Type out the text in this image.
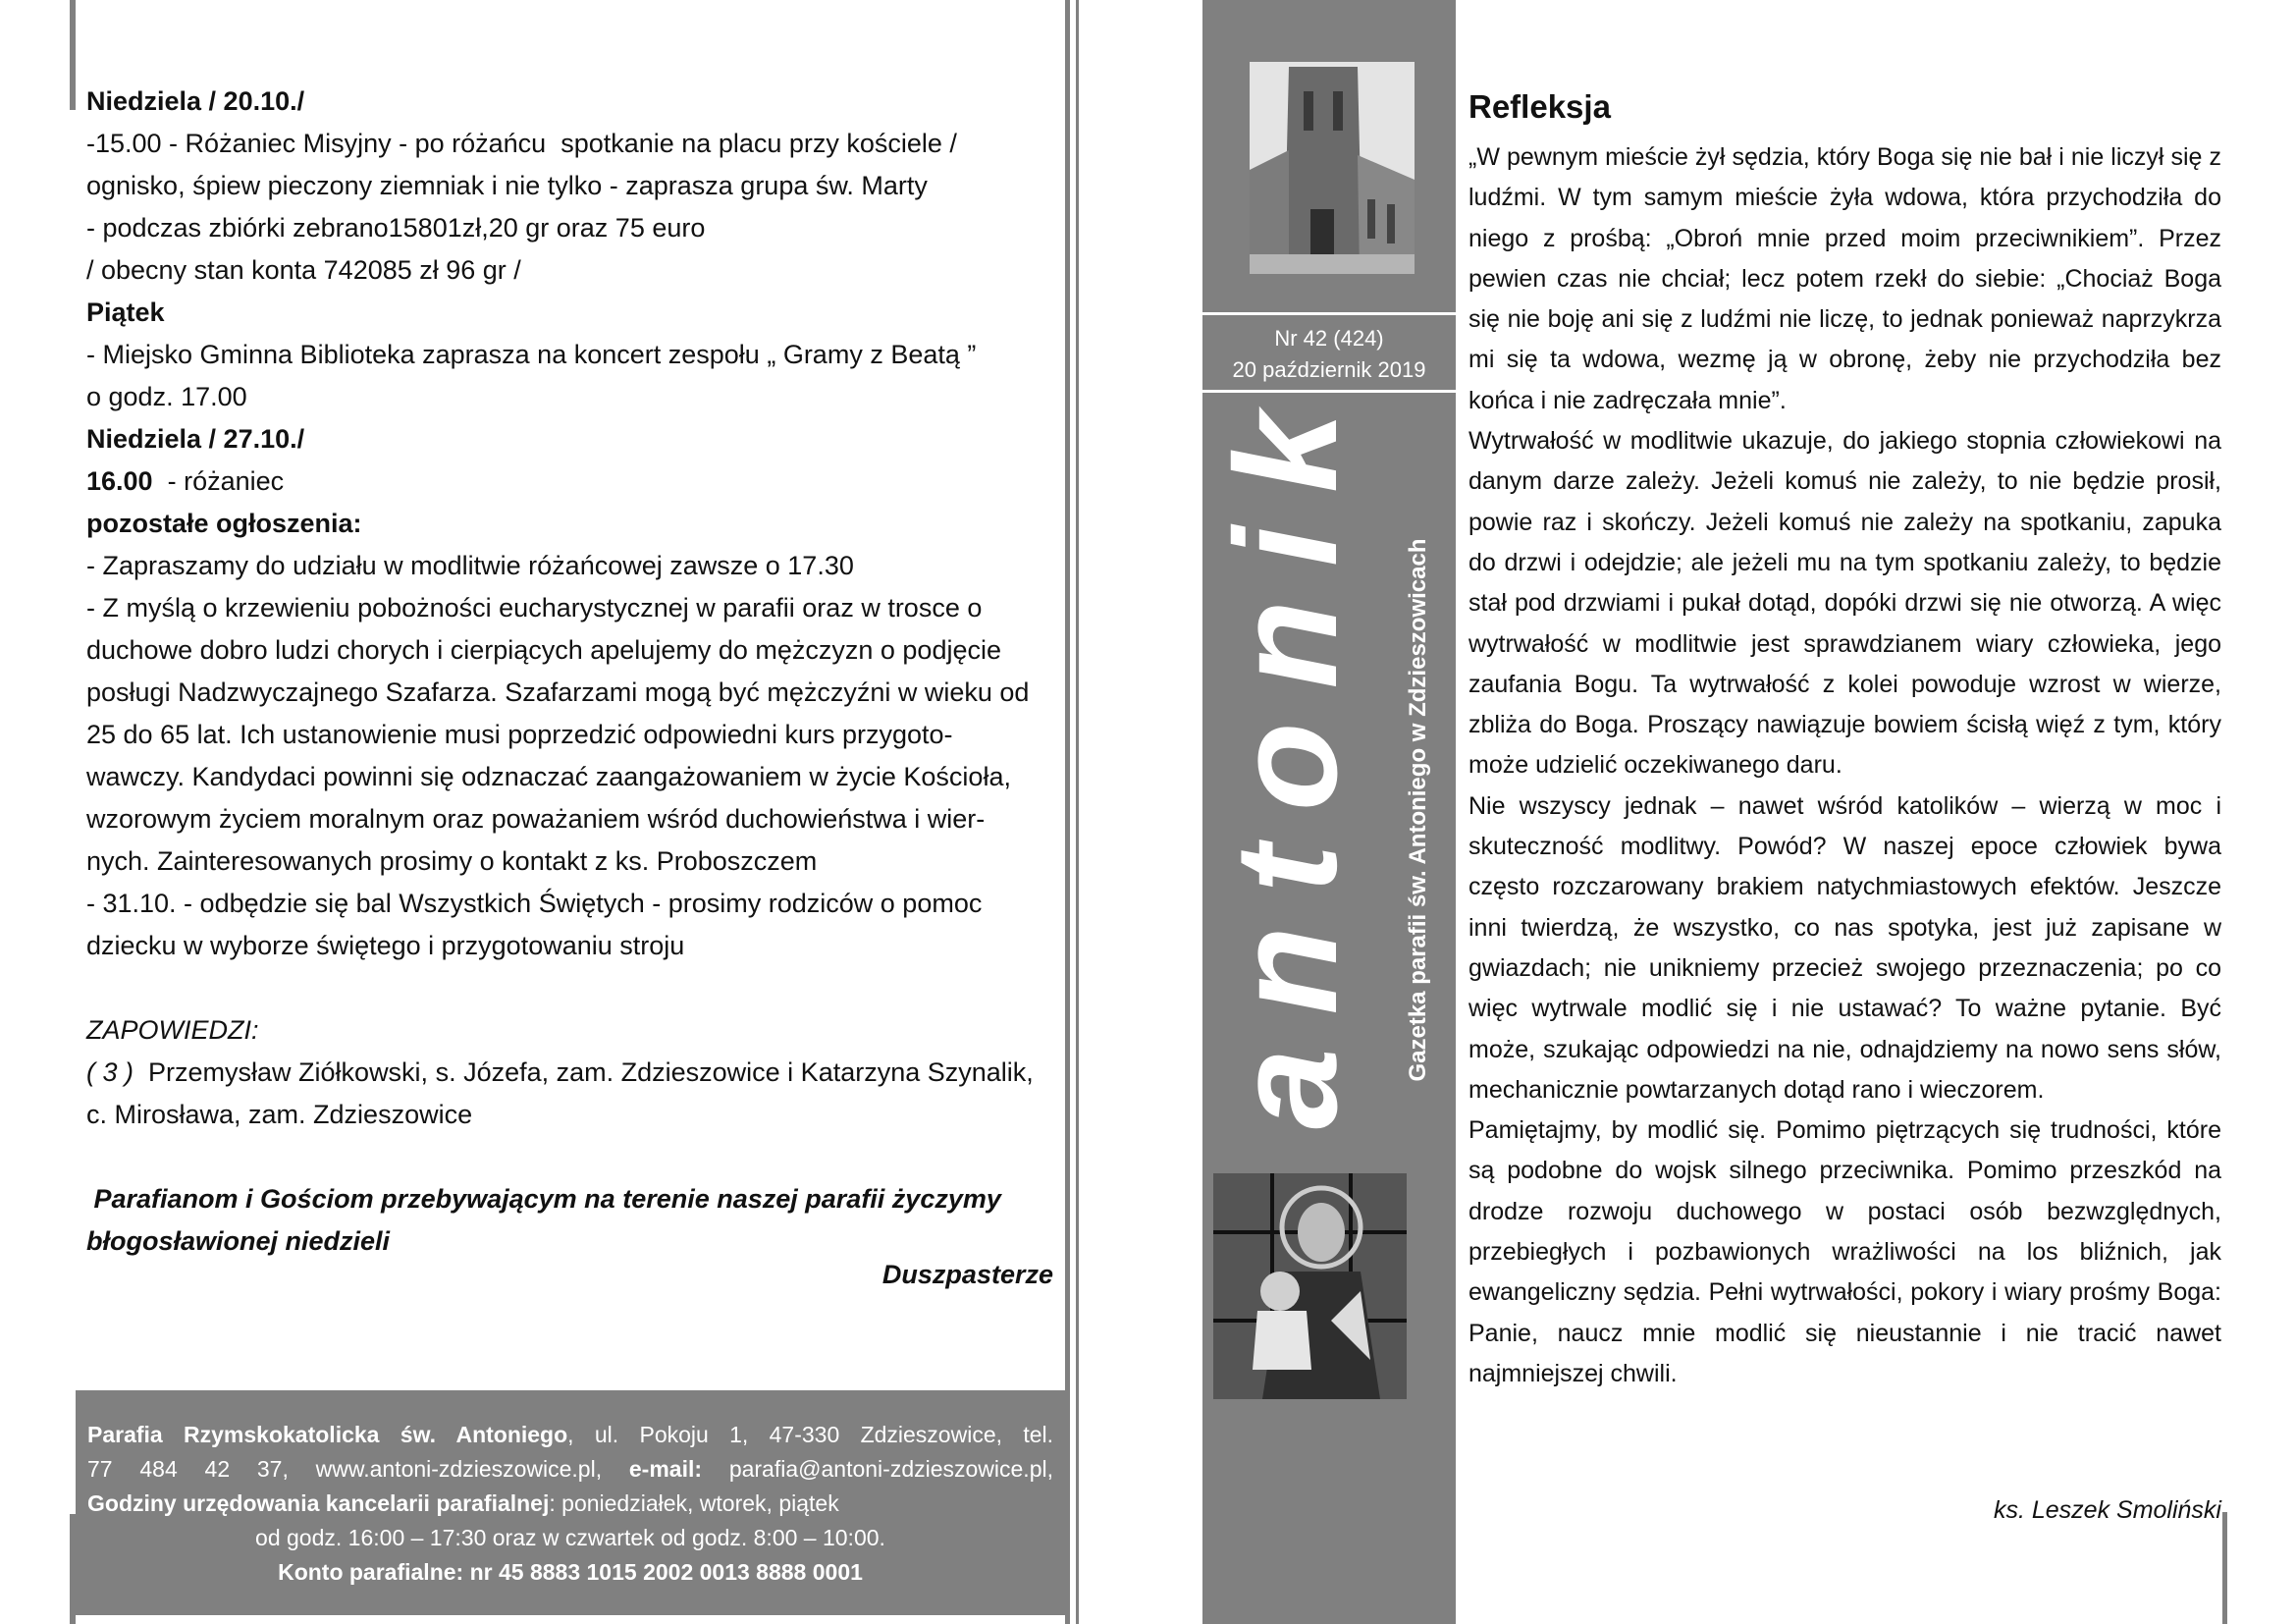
Niedziela / 20.10./

-15.00 - Różaniec Misyjny - po różańcu  spotkanie na placu przy kościele /

ognisko, śpiew pieczony ziemniak i nie tylko - zaprasza grupa św. Marty

- podczas zbiórki zebrano15801zł,20 gr oraz 75 euro

/ obecny stan konta 742085 zł 96 gr /

Piątek

- Miejsko Gminna Biblioteka zaprasza na koncert zespołu „ Gramy z Beatą ”

o godz. 17.00

Niedziela / 27.10./

16.00  - różaniec

pozostałe ogłoszenia:

- Zapraszamy do udziału w modlitwie różańcowej zawsze o 17.30

- Z myślą o krzewieniu pobożności eucharystycznej w parafii oraz w trosce o

duchowe dobro ludzi chorych i cierpiących apelujemy do mężczyzn o podjęcie

posługi Nadzwyczajnego Szafarza. Szafarzami mogą być mężczyźni w wieku od

25 do 65 lat. Ich ustanowienie musi poprzedzić odpowiedni kurs przygoto-

wawczy. Kandydaci powinni się odznaczać zaangażowaniem w życie Kościoła,

wzorowym życiem moralnym oraz poważaniem wśród duchowieństwa i wier-

nych. Zainteresowanych prosimy o kontakt z ks. Proboszczem

- 31.10. - odbędzie się bal Wszystkich Świętych - prosimy rodziców o pomoc

dziecku w wyborze świętego i przygotowaniu stroju

ZAPOWIEDZI:

( 3 )  Przemysław Ziółkowski, s. Józefa, zam. Zdzieszowice i Katarzyna Szynalik,

c. Mirosława, zam. Zdzieszowice

Parafianom i Gościom przebywającym na terenie naszej parafii życzymy

błogosławionej niedzieli

Duszpasterze

Parafia Rzymskokatolicka św. Antoniego, ul. Pokoju 1, 47-330 Zdzieszowice, tel.

77 484 42 37, www.antoni-zdzieszowice.pl, e-mail: parafia@antoni-zdzieszowice.pl,

Godziny urzędowania kancelarii parafialnej: poniedziałek, wtorek, piątek

od godz. 16:00 – 17:30 oraz w czwartek od godz. 8:00 – 10:00.

Konto parafialne: nr 45 8883 1015 2002 0013 8888 0001

Nr 42 (424)
20 październik 2019
antonik	Gazetka parafii św. Antoniego w Zdzieszowicach
Refleksja

„W pewnym mieście żył sędzia, który Boga się nie bał i nie liczył się z ludźmi. W tym samym mieście żyła wdowa, która przychodziła do niego z prośbą: „Obroń mnie przed moim przeciwnikiem”. Przez pewien czas nie chciał; lecz potem rzekł do siebie: „Chociaż Boga się nie boję ani się z ludźmi nie liczę, to jednak ponieważ naprzykrza mi się ta wdowa, wezmę ją w obronę, żeby nie przychodziła bez końca i nie zadręczała mnie”.

Wytrwałość w modlitwie ukazuje, do jakiego stopnia człowiekowi na danym darze zależy. Jeżeli komuś nie zależy, to nie będzie prosił, powie raz i skończy. Jeżeli komuś nie zależy na spotkaniu, zapuka do drzwi i odejdzie; ale jeżeli mu na tym spotkaniu zależy, to będzie stał pod drzwiami i pukał dotąd, dopóki drzwi się nie otworzą. A więc wytrwałość w modlitwie jest sprawdzianem wiary człowieka, jego zaufania Bogu. Ta wytrwałość z kolei powoduje wzrost w wierze, zbliża do Boga. Proszący nawiązuje bowiem ścisłą więź z tym, który może udzielić oczekiwanego daru.

Nie wszyscy jednak – nawet wśród katolików – wierzą w moc i skuteczność modlitwy. Powód? W naszej epoce człowiek bywa często rozczarowany brakiem natychmiastowych efektów. Jeszcze inni twierdzą, że wszystko, co nas spotyka, jest już zapisane w gwiazdach; nie unikniemy przecież swojego przeznaczenia; po co więc wytrwale modlić się i nie ustawać? To ważne pytanie. Być może, szukając odpowiedzi na nie, odnajdziemy na nowo sens słów, mechanicznie powtarzanych dotąd rano i wieczorem.

Pamiętajmy, by modlić się. Pomimo piętrzących się trudności, które są podobne do wojsk silnego przeciwnika. Pomimo przeszkód na drodze rozwoju duchowego w postaci osób bezwzględnych, przebiegłych i pozbawionych wrażliwości na los bliźnich, jak ewangeliczny sędzia. Pełni wytrwałości, pokory i wiary prośmy Boga: Panie, naucz mnie modlić się nieustannie i nie tracić nawet najmniejszej chwili.

ks. Leszek Smoliński
